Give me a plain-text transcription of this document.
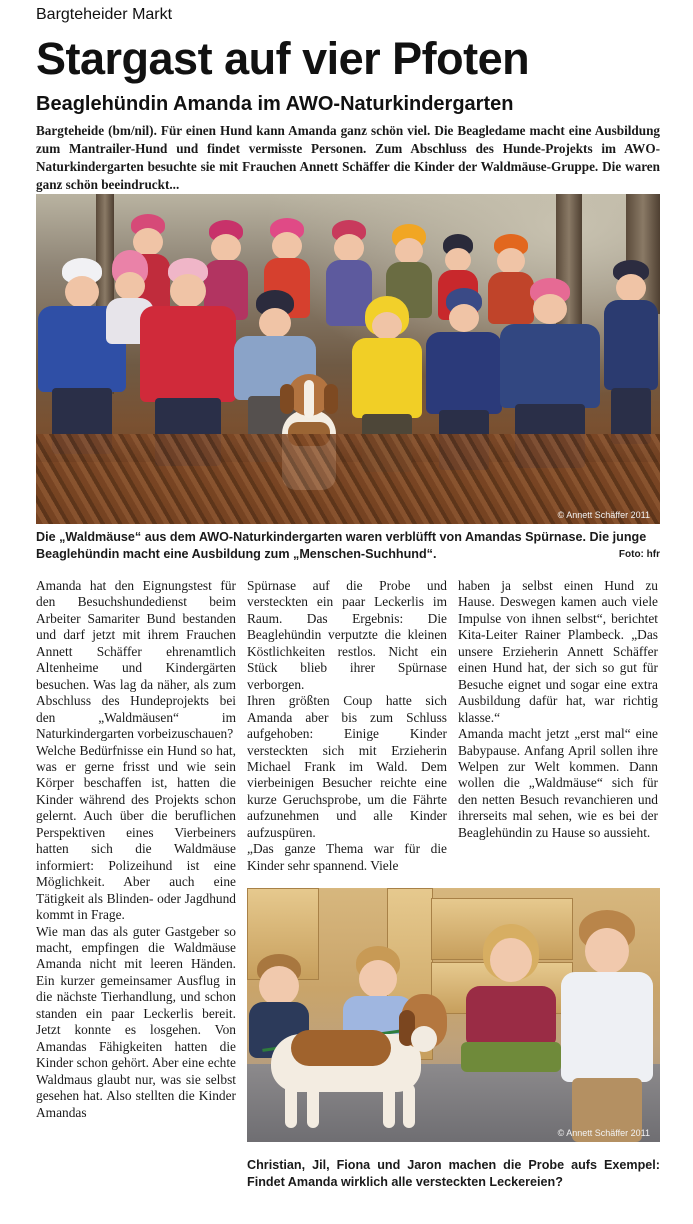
Bargteheider Markt
Stargast auf vier Pfoten
Beaglehündin Amanda im AWO-Naturkindergarten
Bargteheide (bm/nil). Für einen Hund kann Amanda ganz schön viel. Die Beagledame macht eine Ausbildung zum Mantrailer-Hund und findet vermisste Personen. Zum Abschluss des Hunde-Projekts im AWO-Naturkindergarten besuchte sie mit Frauchen Annett Schäffer die Kinder der Waldmäuse-Gruppe. Die waren ganz schön beeindruckt...
© Annett Schäffer 2011
Die „Waldmäuse“ aus dem AWO-Naturkindergarten waren verblüfft von Amandas Spürnase. Die junge Beaglehündin macht eine Ausbildung zum „Menschen-Suchhund“.	Foto: hfr

Amanda hat den Eignungstest für den Besuchshundedienst beim Arbeiter Samariter Bund bestanden und darf jetzt mit ihrem Frauchen Annett Schäffer ehrenamtlich Altenheime und Kindergärten besuchen. Was lag da näher, als zum Abschluss des Hundeprojekts bei den „Waldmäusen“ im Naturkindergarten vorbeizuschauen?

Welche Bedürfnisse ein Hund so hat, was er gerne frisst und wie sein Körper beschaffen ist, hatten die Kinder während des Projekts schon gelernt. Auch über die beruflichen Perspektiven eines Vierbeiners hatten sich die Waldmäuse informiert: Polizeihund ist eine Möglichkeit. Aber auch eine Tätigkeit als Blinden- oder Jagdhund kommt in Frage.

Wie man das als guter Gastgeber so macht, empfingen die Waldmäuse Amanda nicht mit leeren Händen. Ein kurzer gemeinsamer Ausflug in die nächste Tierhandlung, und schon standen ein paar Leckerlis bereit. Jetzt konnte es losgehen. Von Amandas Fähigkeiten hatten die Kinder schon gehört. Aber eine echte Waldmaus glaubt nur, was sie selbst gesehen hat. Also stellten die Kinder Amandas

Spürnase auf die Probe und versteckten ein paar Leckerlis im Raum. Das Ergebnis: Die Beaglehündin verputzte die kleinen Köstlichkeiten restlos. Nicht ein Stück blieb ihrer Spürnase verborgen.

Ihren größten Coup hatte sich Amanda aber bis zum Schluss aufgehoben: Einige Kinder versteckten sich mit Erzieherin Michael Frank im Wald. Dem vierbeinigen Besucher reichte eine kurze Geruchsprobe, um die Fährte aufzunehmen und alle Kinder aufzuspüren.

„Das ganze Thema war für die Kinder sehr spannend. Viele

haben ja selbst einen Hund zu Hause. Deswegen kamen auch viele Impulse von ihnen selbst“, berichtet Kita-Leiter Rainer Plambeck. „Das unsere Erzieherin Annett Schäffer einen Hund hat, der sich so gut für Besuche eignet und sogar eine extra Ausbildung dafür hat, war richtig klasse.“

Amanda macht jetzt „erst mal“ eine Babypause. Anfang April sollen ihre Welpen zur Welt kommen. Dann wollen die „Waldmäuse“ sich für den netten Besuch revanchieren und ihrerseits mal sehen, wie es bei der Beaglehündin zu Hause so aussieht.

© Annett Schäffer 2011
Christian, Jil, Fiona und Jaron machen die Probe aufs Exempel: Findet Amanda wirklich alle versteckten Leckereien?
